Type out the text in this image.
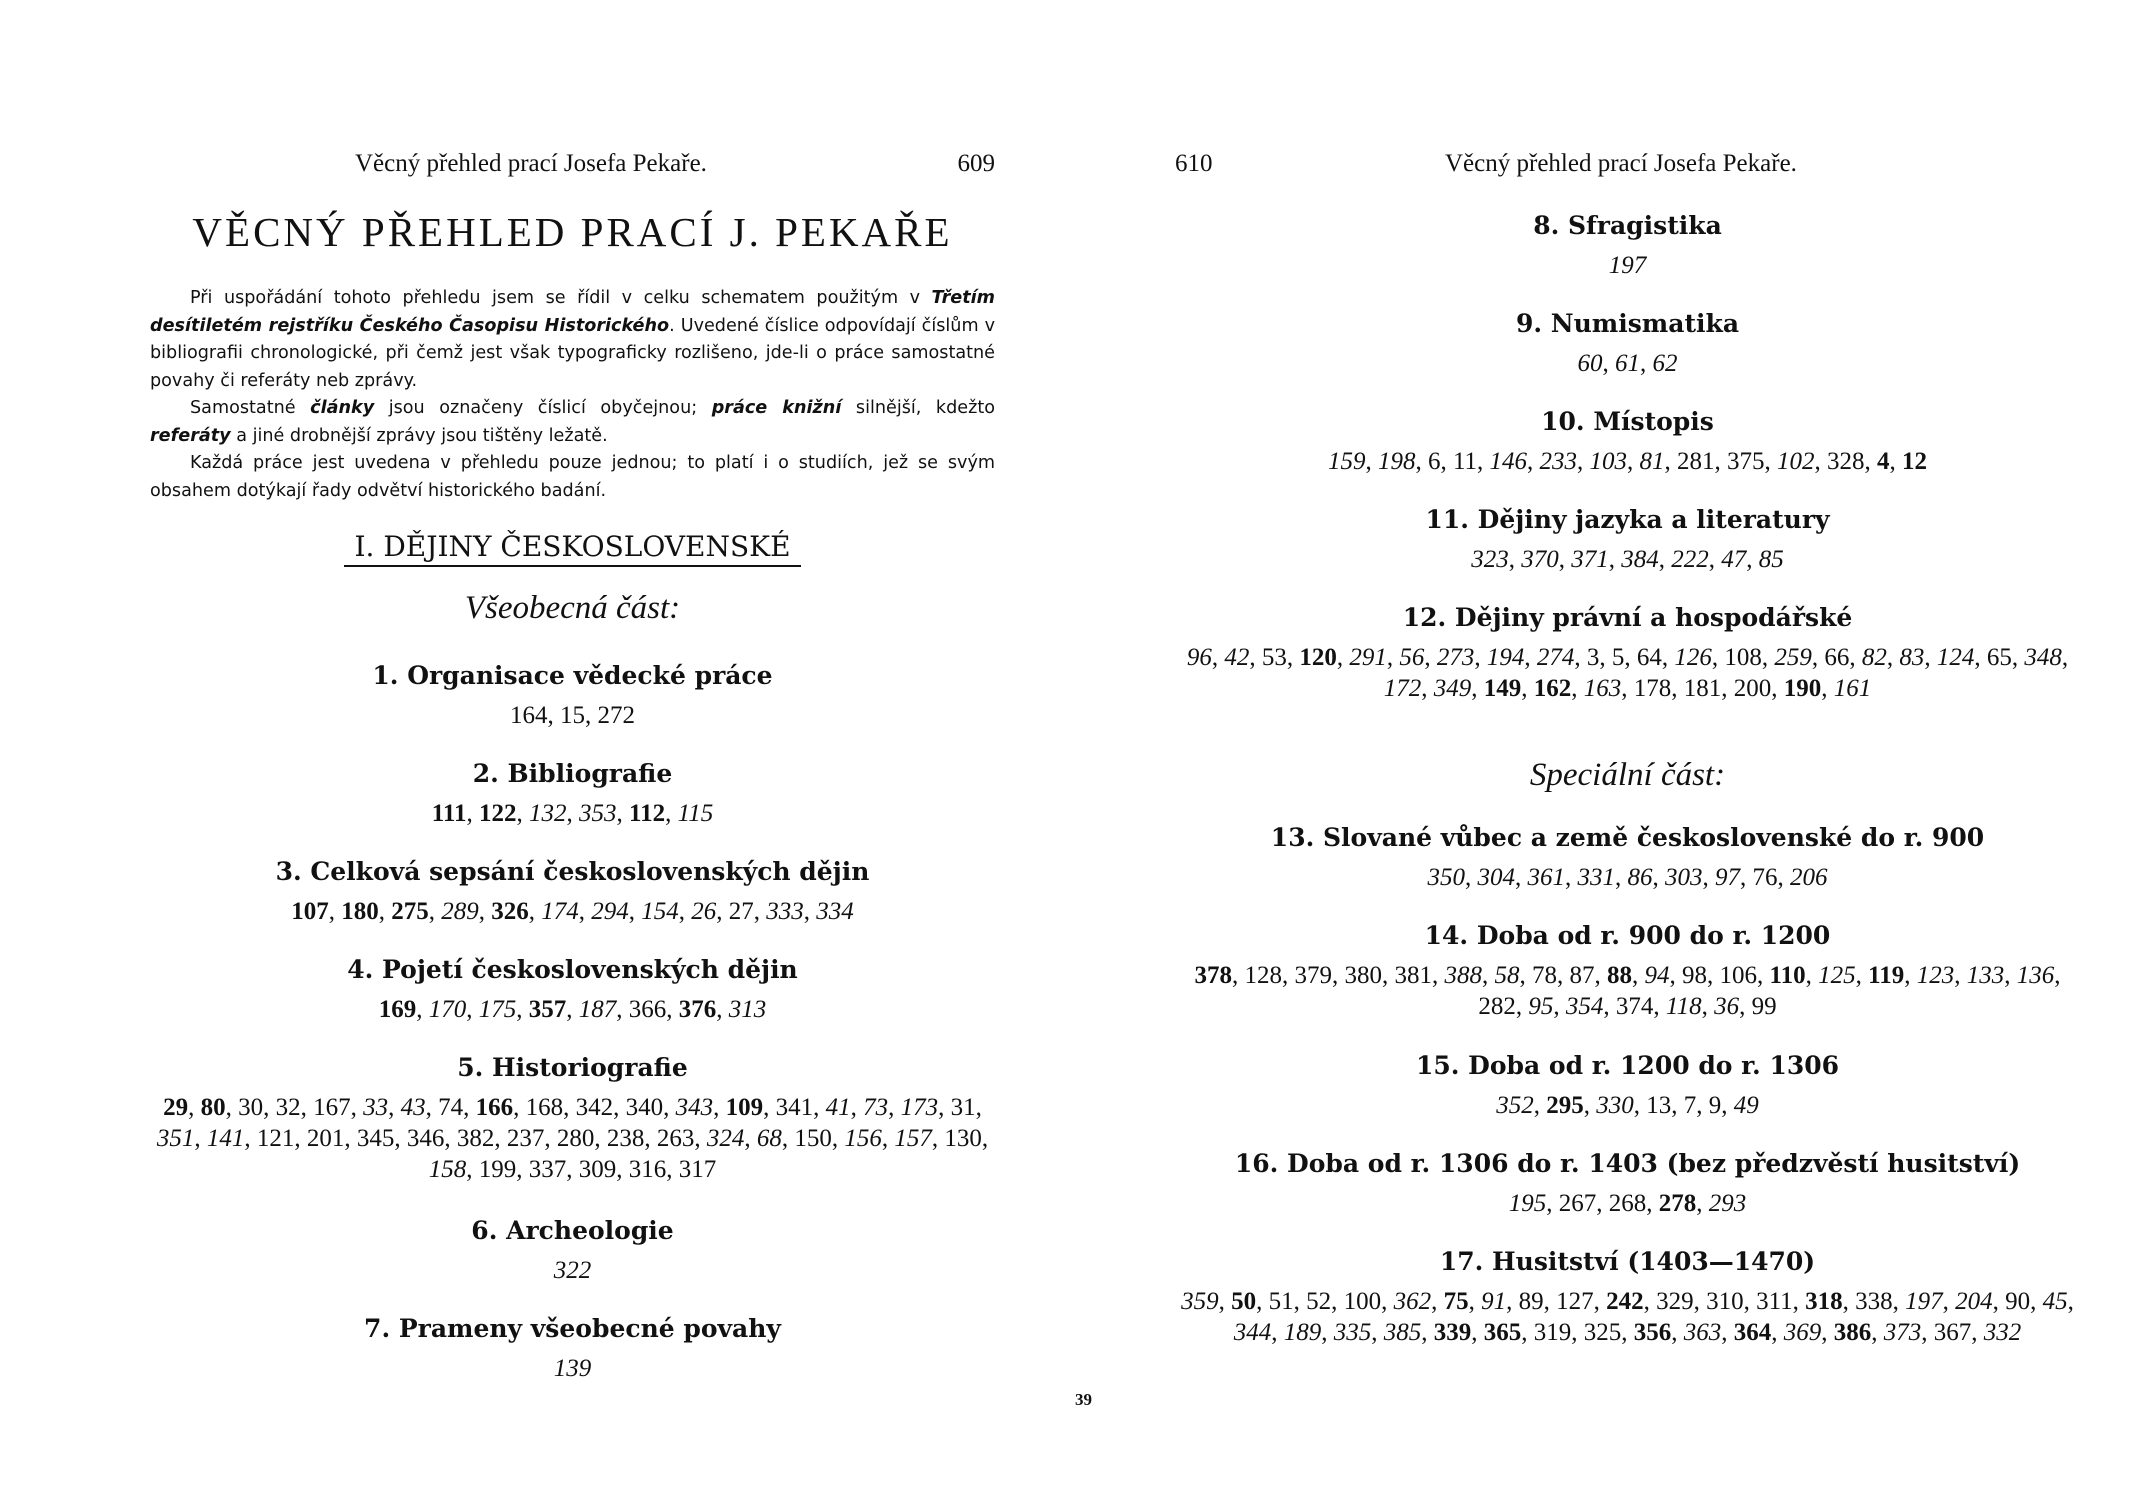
Věcný přehled prací Josefa Pekaře.	609
VĚCNÝ PŘEHLED PRACÍ J. PEKAŘE

Při uspořádání tohoto přehledu jsem se řídil v celku schematem použitým v Třetím desítiletém rejstříku Českého Časopisu Historického. Uvedené číslice odpovídají číslům v bibliografii chronologické, při čemž jest však typograficky rozlišeno, jde-li o práce samostatné povahy či referáty neb zprávy.

Samostatné články jsou označeny číslicí obyčejnou; práce knižní silnější, kdežto referáty a jiné drobnější zprávy jsou tištěny ležatě.

Každá práce jest uvedena v přehledu pouze jednou; to platí i o studiích, jež se svým obsahem dotýkají řady odvětví historického badání.

I. DĚJINY ČESKOSLOVENSKÉ
Všeobecná část:
1. Organisace vědecké práce
164, 15, 272
2. Bibliografie
111, 122, 132, 353, 112, 115
3. Celková sepsání československých dějin
107, 180, 275, 289, 326, 174, 294, 154, 26, 27, 333, 334
4. Pojetí československých dějin
169, 170, 175, 357, 187, 366, 376, 313
5. Historiografie
29, 80, 30, 32, 167, 33, 43, 74, 166, 168, 342, 340, 343, 109, 341, 41, 73, 173, 31, 351, 141, 121, 201, 345, 346, 382, 237, 280, 238, 263, 324, 68, 150, 156, 157, 130, 158, 199, 337, 309, 316, 317
6. Archeologie
322
7. Prameny všeobecné povahy
139
39
610	Věcný přehled prací Josefa Pekaře.
8. Sfragistika
197
9. Numismatika
60, 61, 62
10. Místopis
159, 198, 6, 11, 146, 233, 103, 81, 281, 375, 102, 328, 4, 12
11. Dějiny jazyka a literatury
323, 370, 371, 384, 222, 47, 85
12. Dějiny právní a hospodářské
96, 42, 53, 120, 291, 56, 273, 194, 274, 3, 5, 64, 126, 108, 259, 66, 82, 83, 124, 65, 348, 172, 349, 149, 162, 163, 178, 181, 200, 190, 161
Speciální část:
13. Slované vůbec a země československé do r. 900
350, 304, 361, 331, 86, 303, 97, 76, 206
14. Doba od r. 900 do r. 1200
378, 128, 379, 380, 381, 388, 58, 78, 87, 88, 94, 98, 106, 110, 125, 119, 123, 133, 136, 282, 95, 354, 374, 118, 36, 99
15. Doba od r. 1200 do r. 1306
352, 295, 330, 13, 7, 9, 49
16. Doba od r. 1306 do r. 1403 (bez předzvěstí husitství)
195, 267, 268, 278, 293
17. Husitství (1403—1470)
359, 50, 51, 52, 100, 362, 75, 91, 89, 127, 242, 329, 310, 311, 318, 338, 197, 204, 90, 45, 344, 189, 335, 385, 339, 365, 319, 325, 356, 363, 364, 369, 386, 373, 367, 332
